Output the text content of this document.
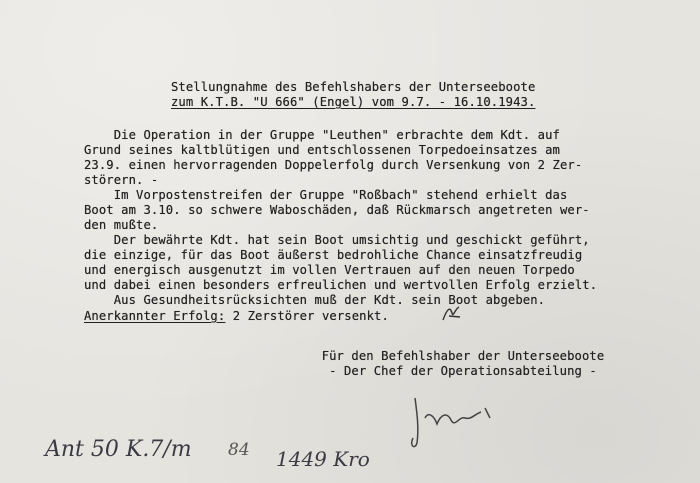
Stellungnahme des Befehlshabers der Unterseeboote
zum K.T.B. "U 666" (Engel) vom 9.7. - 16.10.1943.
Die Operation in der Gruppe "Leuthen" erbrachte dem Kdt. auf
Grund seines kaltblütigen und entschlossenen Torpedoeinsatzes am
23.9. einen hervorragenden Doppelerfolg durch Versenkung von 2 Zer-
störern. -
Im Vorpostenstreifen der Gruppe "Roßbach" stehend erhielt das
Boot am 3.10. so schwere Waboschäden, daß Rückmarsch angetreten wer-
den mußte.
Der bewährte Kdt. hat sein Boot umsichtig und geschickt geführt,
die einzige, für das Boot äußerst bedrohliche Chance einsatzfreudig
und energisch ausgenutzt im vollen Vertrauen auf den neuen Torpedo
und dabei einen besonders erfreulichen und wertvollen Erfolg erzielt.
Aus Gesundheitsrücksichten muß der Kdt. sein Boot abgeben.
Anerkannter Erfolg: 2 Zerstörer versenkt.
Für den Befehlshaber der Unterseeboote
- Der Chef der Operationsabteilung -
Ant 50 K.7/m 84 1449 Kro
